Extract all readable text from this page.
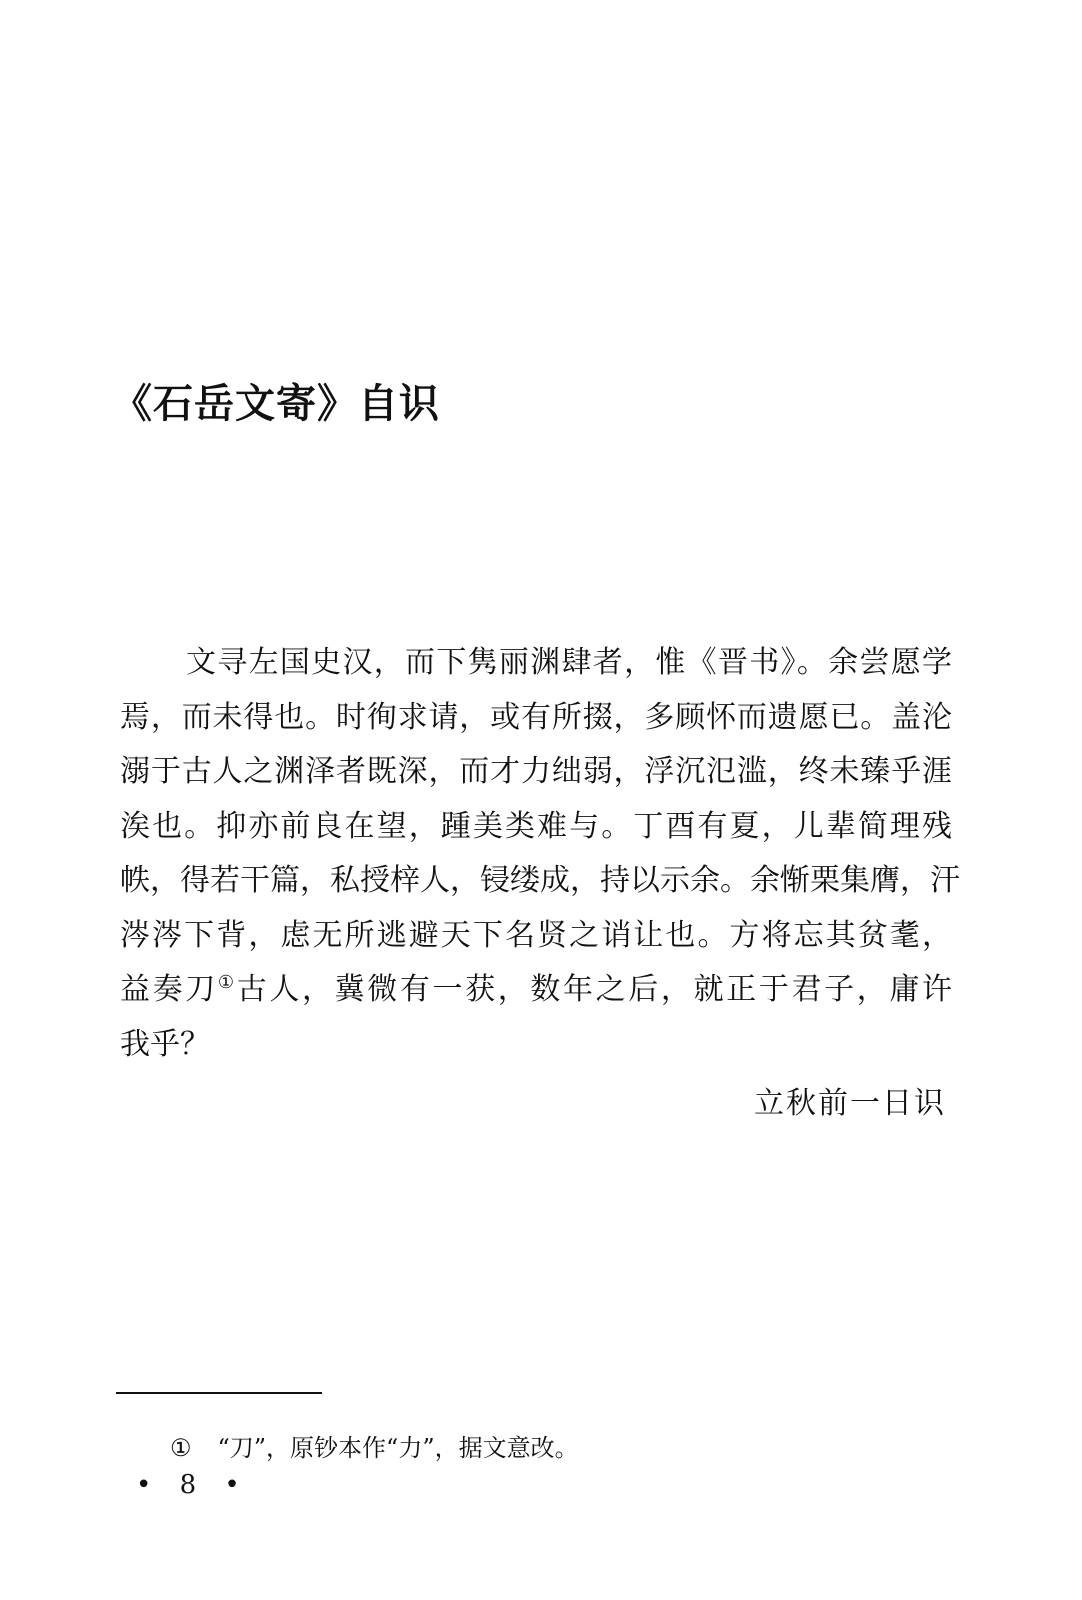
《石岳文寄》自识
文寻左国史汉，而下隽丽渊肆者，惟《晋书》。余尝愿学
焉，而未得也。时徇求请，或有所掇，多顾怀而遗愿已。盖沦
溺于古人之渊泽者既深，而才力绌弱，浮沉氾滥，终未臻乎涯
涘也。抑亦前良在望，踵美类难与。丁酉有夏，儿辈简理残
帙，得若干篇，私授梓人，锓缕成，持以示余。余惭栗集膺，汗
涔涔下背，虑无所逃避天下名贤之诮让也。方将忘其贫耄，
益奏刀①古人，冀微有一获，数年之后，就正于君子，庸许
我乎？
立秋前一日识
① “刀”，原钞本作“力”，据文意改。
• 8 •
